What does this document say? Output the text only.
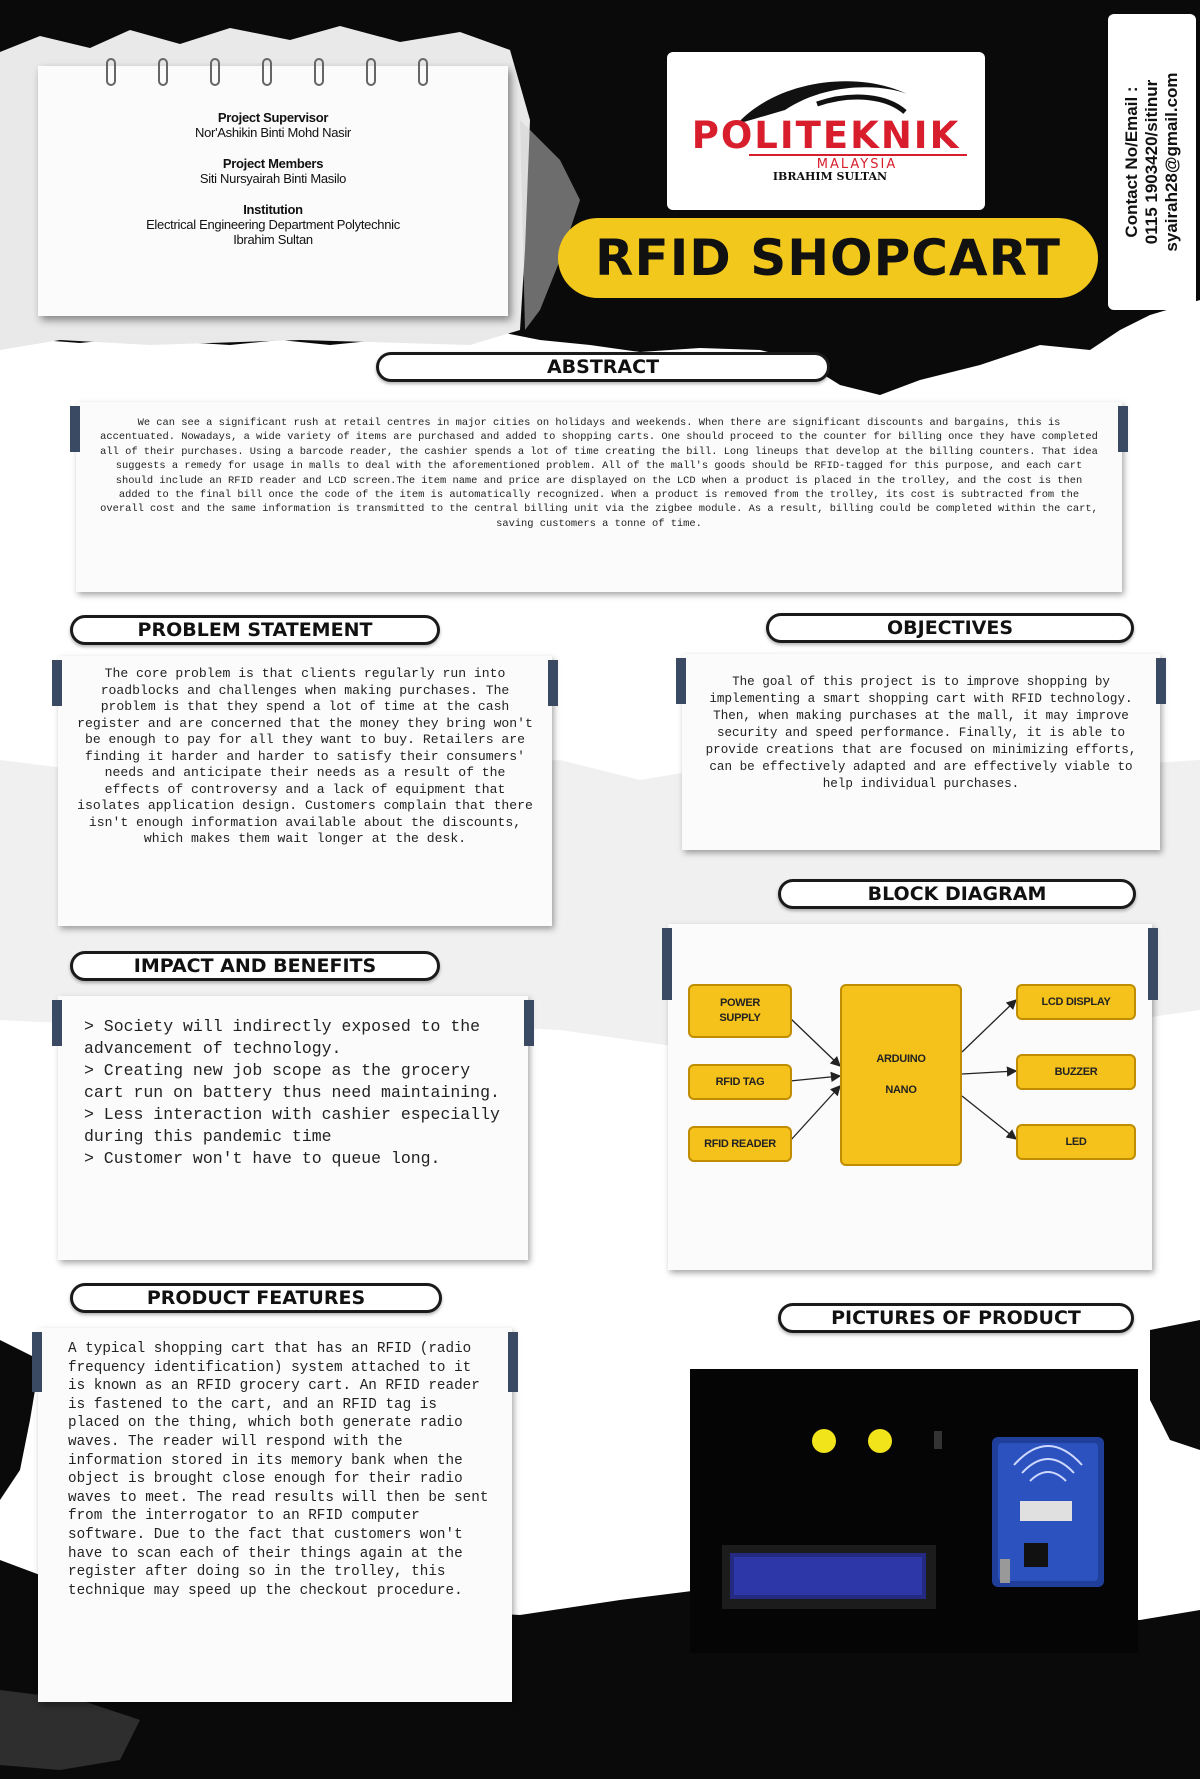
Project Supervisor
Nor'Ashikin Binti Mohd Nasir
Project Members
Siti Nursyairah Binti Masilo
Institution
Electrical Engineering Department Polytechnic
Ibrahim Sultan
POLITEKNIK
MALAYSIA
IBRAHIM SULTAN
RFID SHOPCART
Contact No/Email : 0115 1903420/sitinur syairah28@gmail.com
ABSTRACT
We can see a significant rush at retail centres in major cities on holidays and weekends. When there are significant discounts and bargains, this is accentuated. Nowadays, a wide variety of items are purchased and added to shopping carts. One should proceed to the counter for billing once they have completed all of their purchases. Using a barcode reader, the cashier spends a lot of time creating the bill. Long lineups that develop at the billing counters. That idea suggests a remedy for usage in malls to deal with the aforementioned problem. All of the mall's goods should be RFID-tagged for this purpose, and each cart should include an RFID reader and LCD screen.The item name and price are displayed on the LCD when a product is placed in the trolley, and the cost is then added to the final bill once the code of the item is automatically recognized. When a product is removed from the trolley, its cost is subtracted from the overall cost and the same information is transmitted to the central billing unit via the zigbee module. As a result, billing could be completed within the cart, saving customers a tonne of time.
PROBLEM STATEMENT
The core problem is that clients regularly run into roadblocks and challenges when making purchases. The problem is that they spend a lot of time at the cash register and are concerned that the money they bring won't be enough to pay for all they want to buy. Retailers are finding it harder and harder to satisfy their consumers' needs and anticipate their needs as a result of the effects of controversy and a lack of equipment that isolates application design. Customers complain that there isn't enough information available about the discounts, which makes them wait longer at the desk.
OBJECTIVES
The goal of this project is to improve shopping by implementing a smart shopping cart with RFID technology. Then, when making purchases at the mall, it may improve security and speed performance. Finally, it is able to provide creations that are focused on minimizing efforts, can be effectively adapted and are effectively viable to help individual purchases.
BLOCK DIAGRAM
POWER
SUPPLY
RFID TAG
RFID READER
ARDUINO
NANO
LCD DISPLAY
BUZZER
LED
IMPACT AND BENEFITS
> Society will indirectly exposed to the advancement of technology.
> Creating new job scope as the grocery cart run on battery thus need maintaining.
> Less interaction with cashier especially during this pandemic time
> Customer won't have to queue long.
PRODUCT FEATURES
A typical shopping cart that has an RFID (radio frequency identification) system attached to it is known as an RFID grocery cart. An RFID reader is fastened to the cart, and an RFID tag is placed on the thing, which both generate radio waves. The reader will respond with the information stored in its memory bank when the object is brought close enough for their radio waves to meet. The read results will then be sent from the interrogator to an RFID computer software. Due to the fact that customers won't have to scan each of their things again at the register after doing so in the trolley, this technique may speed up the checkout procedure.
PICTURES OF PRODUCT
